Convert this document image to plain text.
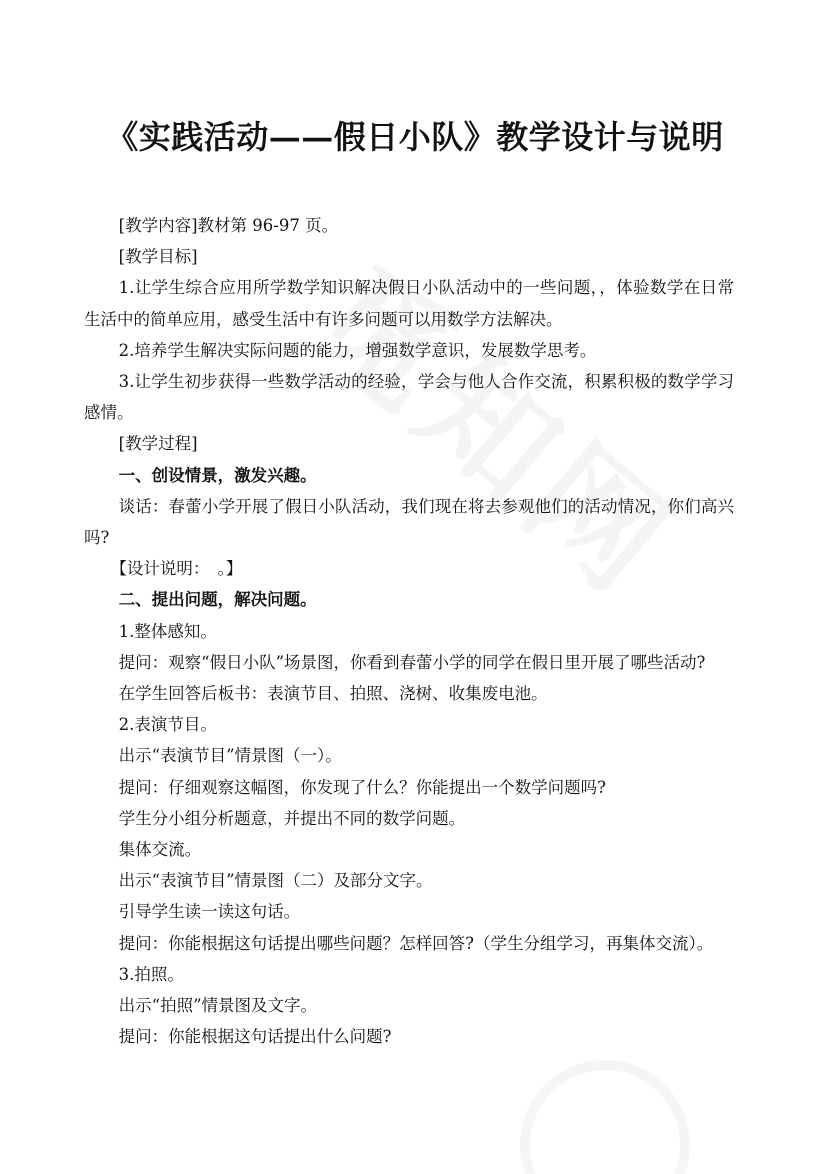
《实践活动——假日小队》教学设计与说明

[教学内容]教材第 96-97 页。

[教学目标]

1.让学生综合应用所学数学知识解决假日小队活动中的一些问题，，体验数学在日常生活中的简单应用，感受生活中有许多问题可以用数学方法解决。

2.培养学生解决实际问题的能力，增强数学意识，发展数学思考。

3.让学生初步获得一些数学活动的经验，学会与他人合作交流，积累积极的数学学习感情。

[教学过程]

一、创设情景，激发兴趣。

谈话：春蕾小学开展了假日小队活动，我们现在将去参观他们的活动情况，你们高兴吗?

【设计说明：　。】

二、提出问题，解决问题。

1.整体感知。

提问：观察“假日小队”场景图，你看到春蕾小学的同学在假日里开展了哪些活动?

在学生回答后板书：表演节目、拍照、浇树、收集废电池。

2.表演节目。

出示“表演节目”情景图（一）。

提问：仔细观察这幅图，你发现了什么？你能提出一个数学问题吗?

学生分小组分析题意，并提出不同的数学问题。

集体交流。

出示“表演节目”情景图（二）及部分文字。

引导学生读一读这句话。

提问：你能根据这句话提出哪些问题？怎样回答?（学生分组学习，再集体交流）。

3.拍照。

出示“拍照”情景图及文字。

提问：你能根据这句话提出什么问题?
